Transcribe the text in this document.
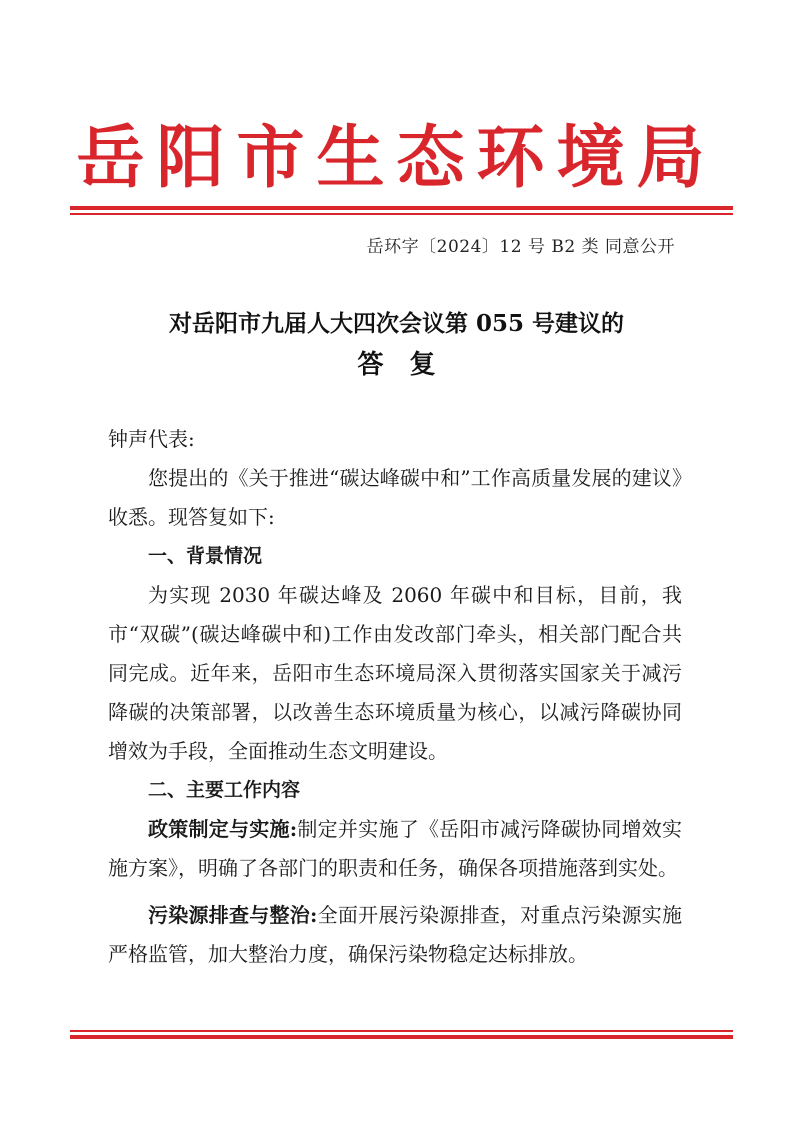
岳阳市生态环境局
岳环字〔2024〕12 号 B2 类 同意公开
对岳阳市九届人大四次会议第 055 号建议的
答　复

钟声代表:

您提出的《关于推进“碳达峰碳中和”工作高质量发展的建议》收悉。现答复如下:

一、背景情况

为实现 2030 年碳达峰及 2060 年碳中和目标，目前，我市“双碳”(碳达峰碳中和)工作由发改部门牵头，相关部门配合共同完成。近年来，岳阳市生态环境局深入贯彻落实国家关于减污降碳的决策部署，以改善生态环境质量为核心，以减污降碳协同增效为手段，全面推动生态文明建设。

二、主要工作内容

政策制定与实施:制定并实施了《岳阳市减污降碳协同增效实施方案》，明确了各部门的职责和任务，确保各项措施落到实处。

污染源排查与整治:全面开展污染源排查，对重点污染源实施严格监管，加大整治力度，确保污染物稳定达标排放。
